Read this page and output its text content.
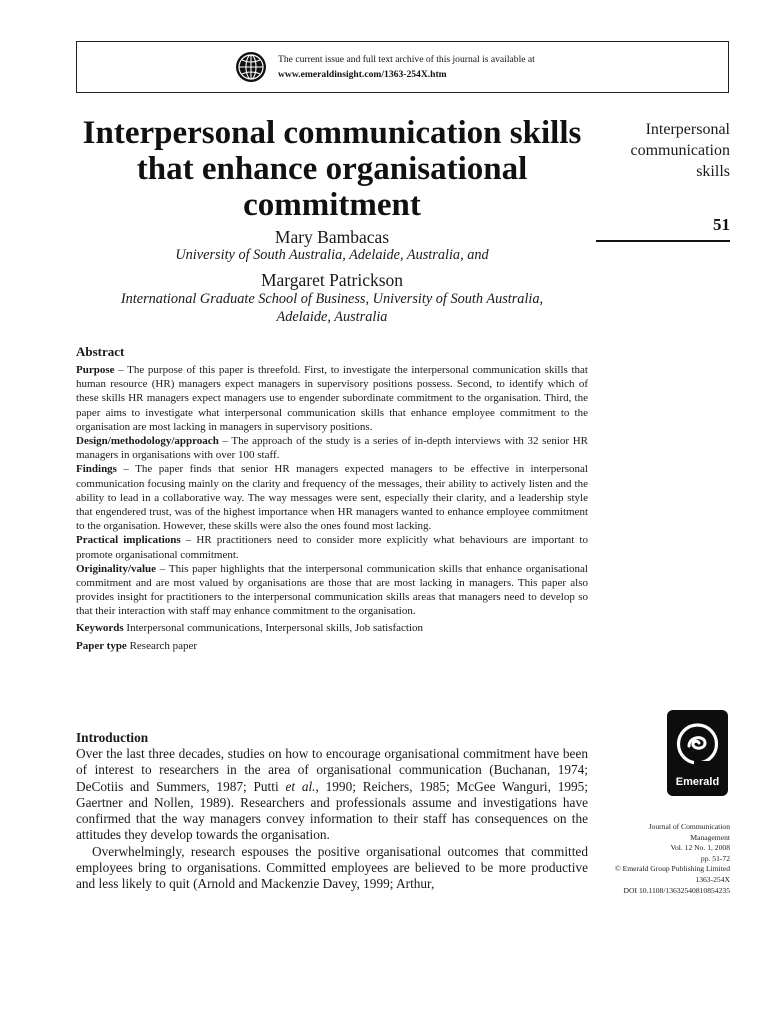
The current issue and full text archive of this journal is available at
www.emeraldinsight.com/1363-254X.htm
Interpersonal communication skills that enhance organisational commitment
Mary Bambacas
University of South Australia, Adelaide, Australia, and
Margaret Patrickson
International Graduate School of Business, University of South Australia,
Adelaide, Australia
Interpersonal
communication
skills
51
Abstract

Purpose – The purpose of this paper is threefold. First, to investigate the interpersonal communication skills that human resource (HR) managers expect managers in supervisory positions possess. Second, to identify which of these skills HR managers expect managers use to engender subordinate commitment to the organisation. Third, the paper aims to investigate what interpersonal communication skills that enhance employee commitment to the organisation are most lacking in managers in supervisory positions.

Design/methodology/approach – The approach of the study is a series of in-depth interviews with 32 senior HR managers in organisations with over 100 staff.

Findings – The paper finds that senior HR managers expected managers to be effective in interpersonal communication focusing mainly on the clarity and frequency of the messages, their ability to actively listen and the ability to lead in a collaborative way. The way messages were sent, especially their clarity, and a leadership style that engendered trust, was of the highest importance when HR managers wanted to enhance employee commitment to the organisation. However, these skills were also the ones found most lacking.

Practical implications – HR practitioners need to consider more explicitly what behaviours are important to promote organisational commitment.

Originality/value – This paper highlights that the interpersonal communication skills that enhance organisational commitment and are most valued by organisations are those that are most lacking in managers. This paper also provides insight for practitioners to the interpersonal communication skills areas that managers need to develop so that their interaction with staff may enhance commitment to the organisation.

Keywords Interpersonal communications, Interpersonal skills, Job satisfaction

Paper type Research paper

Introduction

Over the last three decades, studies on how to encourage organisational commitment have been of interest to researchers in the area of organisational communication (Buchanan, 1974; DeCotiis and Summers, 1987; Putti et al., 1990; Reichers, 1985; McGee Wanguri, 1995; Gaertner and Nollen, 1989). Researchers and professionals assume and investigations have confirmed that the way managers convey information to their staff has consequences on the attitudes they develop towards the organisation.

Overwhelmingly, research espouses the positive organisational outcomes that committed employees bring to organisations. Committed employees are believed to be more productive and less likely to quit (Arnold and Mackenzie Davey, 1999; Arthur,

Emerald
Journal of Communication
Management
Vol. 12 No. 1, 2008
pp. 51-72
© Emerald Group Publishing Limited
1363-254X
DOI 10.1108/13632540810854235
